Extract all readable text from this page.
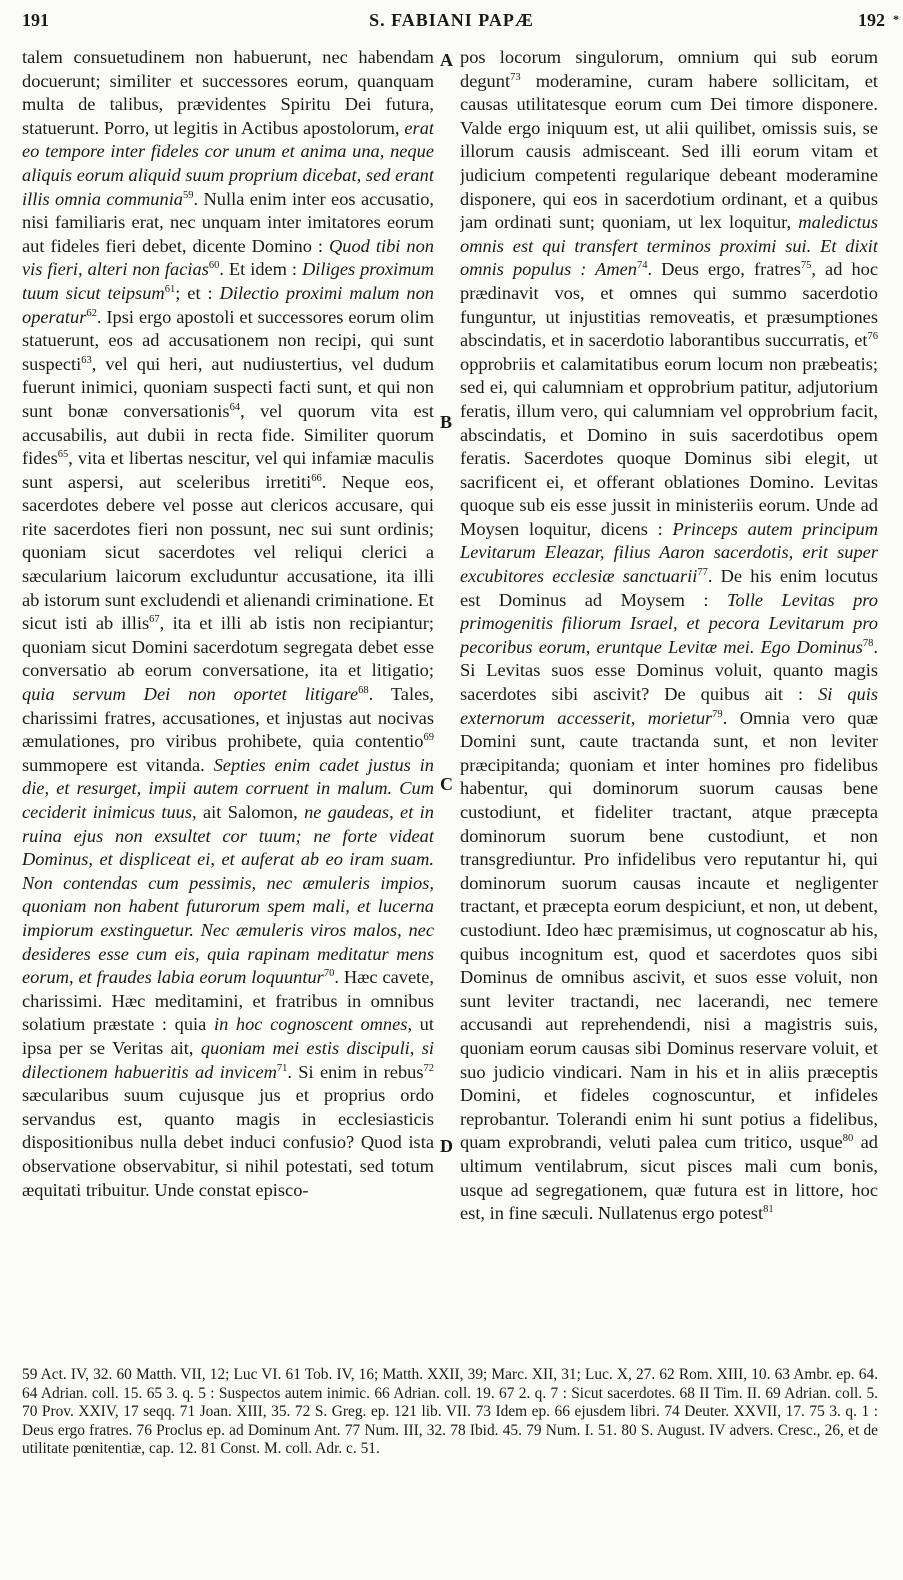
191	S. FABIANI PAPÆ	192 *

talem consuetudinem non habuerunt, nec habendam docuerunt; similiter et successores eorum, quanquam multa de talibus, prævidentes Spiritu Dei futura, statuerunt. Porro, ut legitis in Actibus apostolorum, erat eo tempore inter fideles cor unum et anima una, neque aliquis eorum aliquid suum proprium dicebat, sed erant illis omnia communia$^{59}$. Nulla enim inter eos accusatio, nisi familiaris erat, nec unquam inter imitatores eorum aut fideles fieri debet, dicente Domino : Quod tibi non vis fieri, alteri non facias$^{60}$. Et idem : Diliges proximum tuum sicut teipsum$^{61}$; et : Dilectio proximi malum non operatur$^{62}$. Ipsi ergo apostoli et successores eorum olim statuerunt, eos ad accusationem non recipi, qui sunt suspecti$^{63}$, vel qui heri, aut nudiustertius, vel dudum fuerunt inimici, quoniam suspecti facti sunt, et qui non sunt bonæ conversationis$^{64}$, vel quorum vita est accusabilis, aut dubii in recta fide. Similiter quorum fides$^{65}$, vita et libertas nescitur, vel qui infamiæ maculis sunt aspersi, aut sceleribus irretiti$^{66}$. Neque eos, sacerdotes debere vel posse aut clericos accusare, qui rite sacerdotes fieri non possunt, nec sui sunt ordinis; quoniam sicut sacerdotes vel reliqui clerici a sæcularium laicorum excluduntur accusatione, ita illi ab istorum sunt excludendi et alienandi criminatione. Et sicut isti ab illis$^{67}$, ita et illi ab istis non recipiantur; quoniam sicut Domini sacerdotum segregata debet esse conversatio ab eorum conversatione, ita et litigatio; quia servum Dei non oportet litigare$^{68}$. Tales, charissimi fratres, accusationes, et injustas aut nocivas æmulationes, pro viribus prohibete, quia contentio$^{69}$ summopere est vitanda. Septies enim cadet justus in die, et resurget, impii autem corruent in malum. Cum ceciderit inimicus tuus, ait Salomon, ne gaudeas, et in ruina ejus non exsultet cor tuum; ne forte videat Dominus, et displiceat ei, et auferat ab eo iram suam. Non contendas cum pessimis, nec æmuleris impios, quoniam non habent futurorum spem mali, et lucerna impiorum exstinguetur. Nec æmuleris viros malos, nec desideres esse cum eis, quia rapinam meditatur mens eorum, et fraudes labia eorum loquuntur$^{70}$. Hæc cavete, charissimi. Hæc meditamini, et fratribus in omnibus solatium præstate : quia in hoc cognoscent omnes, ut ipsa per se Veritas ait, quoniam mei estis discipuli, si dilectionem habueritis ad invicem$^{71}$. Si enim in rebus$^{72}$ sæcularibus suum cujusque jus et proprius ordo servandus est, quanto magis in ecclesiasticis dispositionibus nulla debet induci confusio? Quod ista observatione observabitur, si nihil potestati, sed totum æquitati tribuitur. Unde constat episco-

A
B
C
D

pos locorum singulorum, omnium qui sub eorum degunt$^{73}$ moderamine, curam habere sollicitam, et causas utilitatesque eorum cum Dei timore disponere. Valde ergo iniquum est, ut alii quilibet, omissis suis, se illorum causis admisceant. Sed illi eorum vitam et judicium competenti regularique debeant moderamine disponere, qui eos in sacerdotium ordinant, et a quibus jam ordinati sunt; quoniam, ut lex loquitur, maledictus omnis est qui transfert terminos proximi sui. Et dixit omnis populus : Amen$^{74}$. Deus ergo, fratres$^{75}$, ad hoc prædinavit vos, et omnes qui summo sacerdotio funguntur, ut injustitias removeatis, et præsumptiones abscindatis, et in sacerdotio laborantibus succurratis, et$^{76}$ opprobriis et calamitatibus eorum locum non præbeatis; sed ei, qui calumniam et opprobrium patitur, adjutorium feratis, illum vero, qui calumniam vel opprobrium facit, abscindatis, et Domino in suis sacerdotibus opem feratis. Sacerdotes quoque Dominus sibi elegit, ut sacrificent ei, et offerant oblationes Domino. Levitas quoque sub eis esse jussit in ministeriis eorum. Unde ad Moysen loquitur, dicens : Princeps autem principum Levitarum Eleazar, filius Aaron sacerdotis, erit super excubitores ecclesiæ sanctuarii$^{77}$. De his enim locutus est Dominus ad Moysem : Tolle Levitas pro primogenitis filiorum Israel, et pecora Levitarum pro pecoribus eorum, eruntque Levitæ mei. Ego Dominus$^{78}$. Si Levitas suos esse Dominus voluit, quanto magis sacerdotes sibi ascivit? De quibus ait : Si quis externorum accesserit, morietur$^{79}$. Omnia vero quæ Domini sunt, caute tractanda sunt, et non leviter præcipitanda; quoniam et inter homines pro fidelibus habentur, qui dominorum suorum causas bene custodiunt, et fideliter tractant, atque præcepta dominorum suorum bene custodiunt, et non transgrediuntur. Pro infidelibus vero reputantur hi, qui dominorum suorum causas incaute et negligenter tractant, et præcepta eorum despiciunt, et non, ut debent, custodiunt. Ideo hæc præmisimus, ut cognoscatur ab his, quibus incognitum est, quod et sacerdotes quos sibi Dominus de omnibus ascivit, et suos esse voluit, non sunt leviter tractandi, nec lacerandi, nec temere accusandi aut reprehendendi, nisi a magistris suis, quoniam eorum causas sibi Dominus reservare voluit, et suo judicio vindicari. Nam in his et in aliis præceptis Domini, et fideles cognoscuntur, et infideles reprobantur. Tolerandi enim hi sunt potius a fidelibus, quam exprobrandi, veluti palea cum tritico, usque$^{80}$ ad ultimum ventilabrum, sicut pisces mali cum bonis, usque ad segregationem, quæ futura est in littore, hoc est, in fine sæculi. Nullatenus ergo potest$^{81}$

59 Act. IV, 32. 60 Matth. VII, 12; Luc VI. 61 Tob. IV, 16; Matth. XXII, 39; Marc. XII, 31; Luc. X, 27. 62 Rom. XIII, 10. 63 Ambr. ep. 64. 64 Adrian. coll. 15. 65 3. q. 5 : Suspectos autem inimic. 66 Adrian. coll. 19. 67 2. q. 7 : Sicut sacerdotes. 68 II Tim. II. 69 Adrian. coll. 5. 70 Prov. XXIV, 17 seqq. 71 Joan. XIII, 35. 72 S. Greg. ep. 121 lib. VII. 73 Idem ep. 66 ejusdem libri. 74 Deuter. XXVII, 17. 75 3. q. 1 : Deus ergo fratres. 76 Proclus ep. ad Dominum Ant. 77 Num. III, 32. 78 Ibid. 45. 79 Num. I. 51. 80 S. August. IV advers. Cresc., 26, et de utilitate pœnitentiæ, cap. 12. 81 Const. M. coll. Adr. c. 51.
